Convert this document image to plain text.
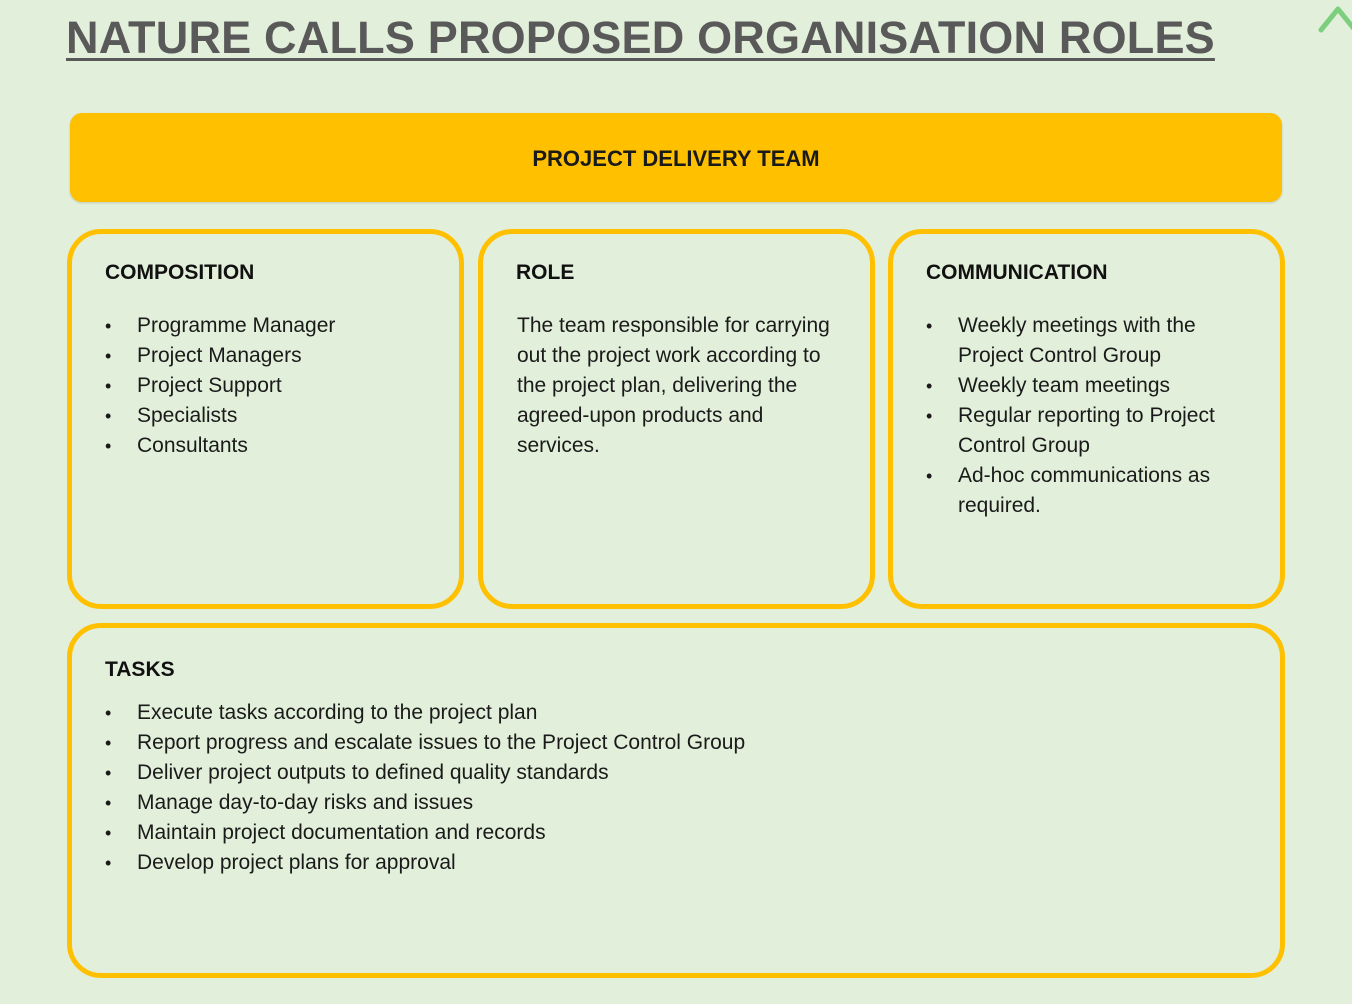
NATURE CALLS PROPOSED ORGANISATION ROLES
PROJECT DELIVERY TEAM
COMPOSITION
• Programme Manager
• Project Managers
• Project Support
• Specialists
• Consultants
ROLE

The team responsible for carrying out the project work according to the project plan, delivering the agreed-upon products and services.

COMMUNICATION
• Weekly meetings with the Project Control Group
• Weekly team meetings
• Regular reporting to Project Control Group
• Ad-hoc communications as required.
TASKS
• Execute tasks according to the project plan
• Report progress and escalate issues to the Project Control Group
• Deliver project outputs to defined quality standards
• Manage day-to-day risks and issues
• Maintain project documentation and records
• Develop project plans for approval
